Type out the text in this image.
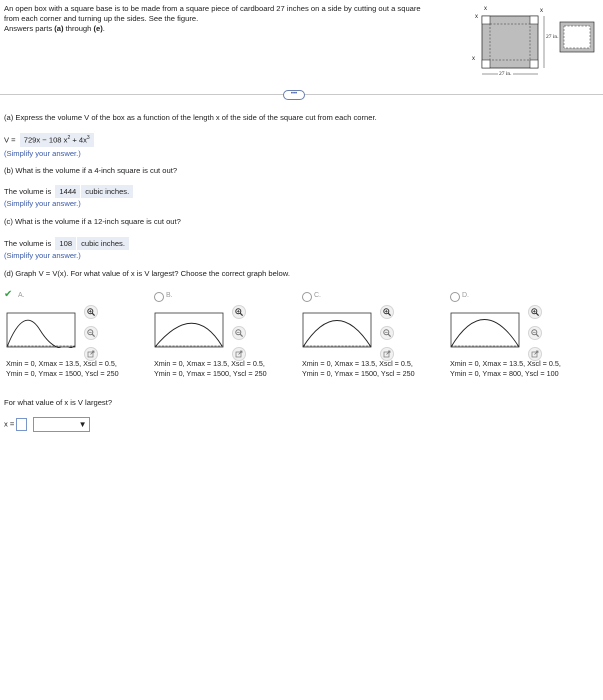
An open box with a square base is to be made from a square piece of cardboard 27 inches on a side by cutting out a square
from each corner and turning up the sides. See the figure.
Answers parts (a) through (e).
x
x	x
x
27 in.
27 in.
•••
(a) Express the volume V of the box as a function of the length x of the side of the square cut from each corner.
V = 729x − 108 $x^2 + 4x^3$
(Simplify your answer.)
(b) What is the volume if a 4-inch square is cut out?
The volume is 1444 cubic inches.
(Simplify your answer.)
(c) What is the volume if a 12-inch square is cut out?
The volume is 108 cubic inches.
(Simplify your answer.)
(d) Graph V = V(x). For what value of x is V largest? Choose the correct graph below.
✔ A.
Xmin = 0, Xmax = 13.5, Xscl = 0.5,
Ymin = 0, Ymax = 1500, Yscl = 250
B.
Xmin = 0, Xmax = 13.5, Xscl = 0.5,
Ymin = 0, Ymax = 1500, Yscl = 250
C.
Xmin = 0, Xmax = 13.5, Xscl = 0.5,
Ymin = 0, Ymax = 1500, Yscl = 250
D.
Xmin = 0, Xmax = 13.5, Xscl = 0.5,
Ymin = 0, Ymax = 800, Yscl = 100
For what value of x is V largest?
x =	▼
